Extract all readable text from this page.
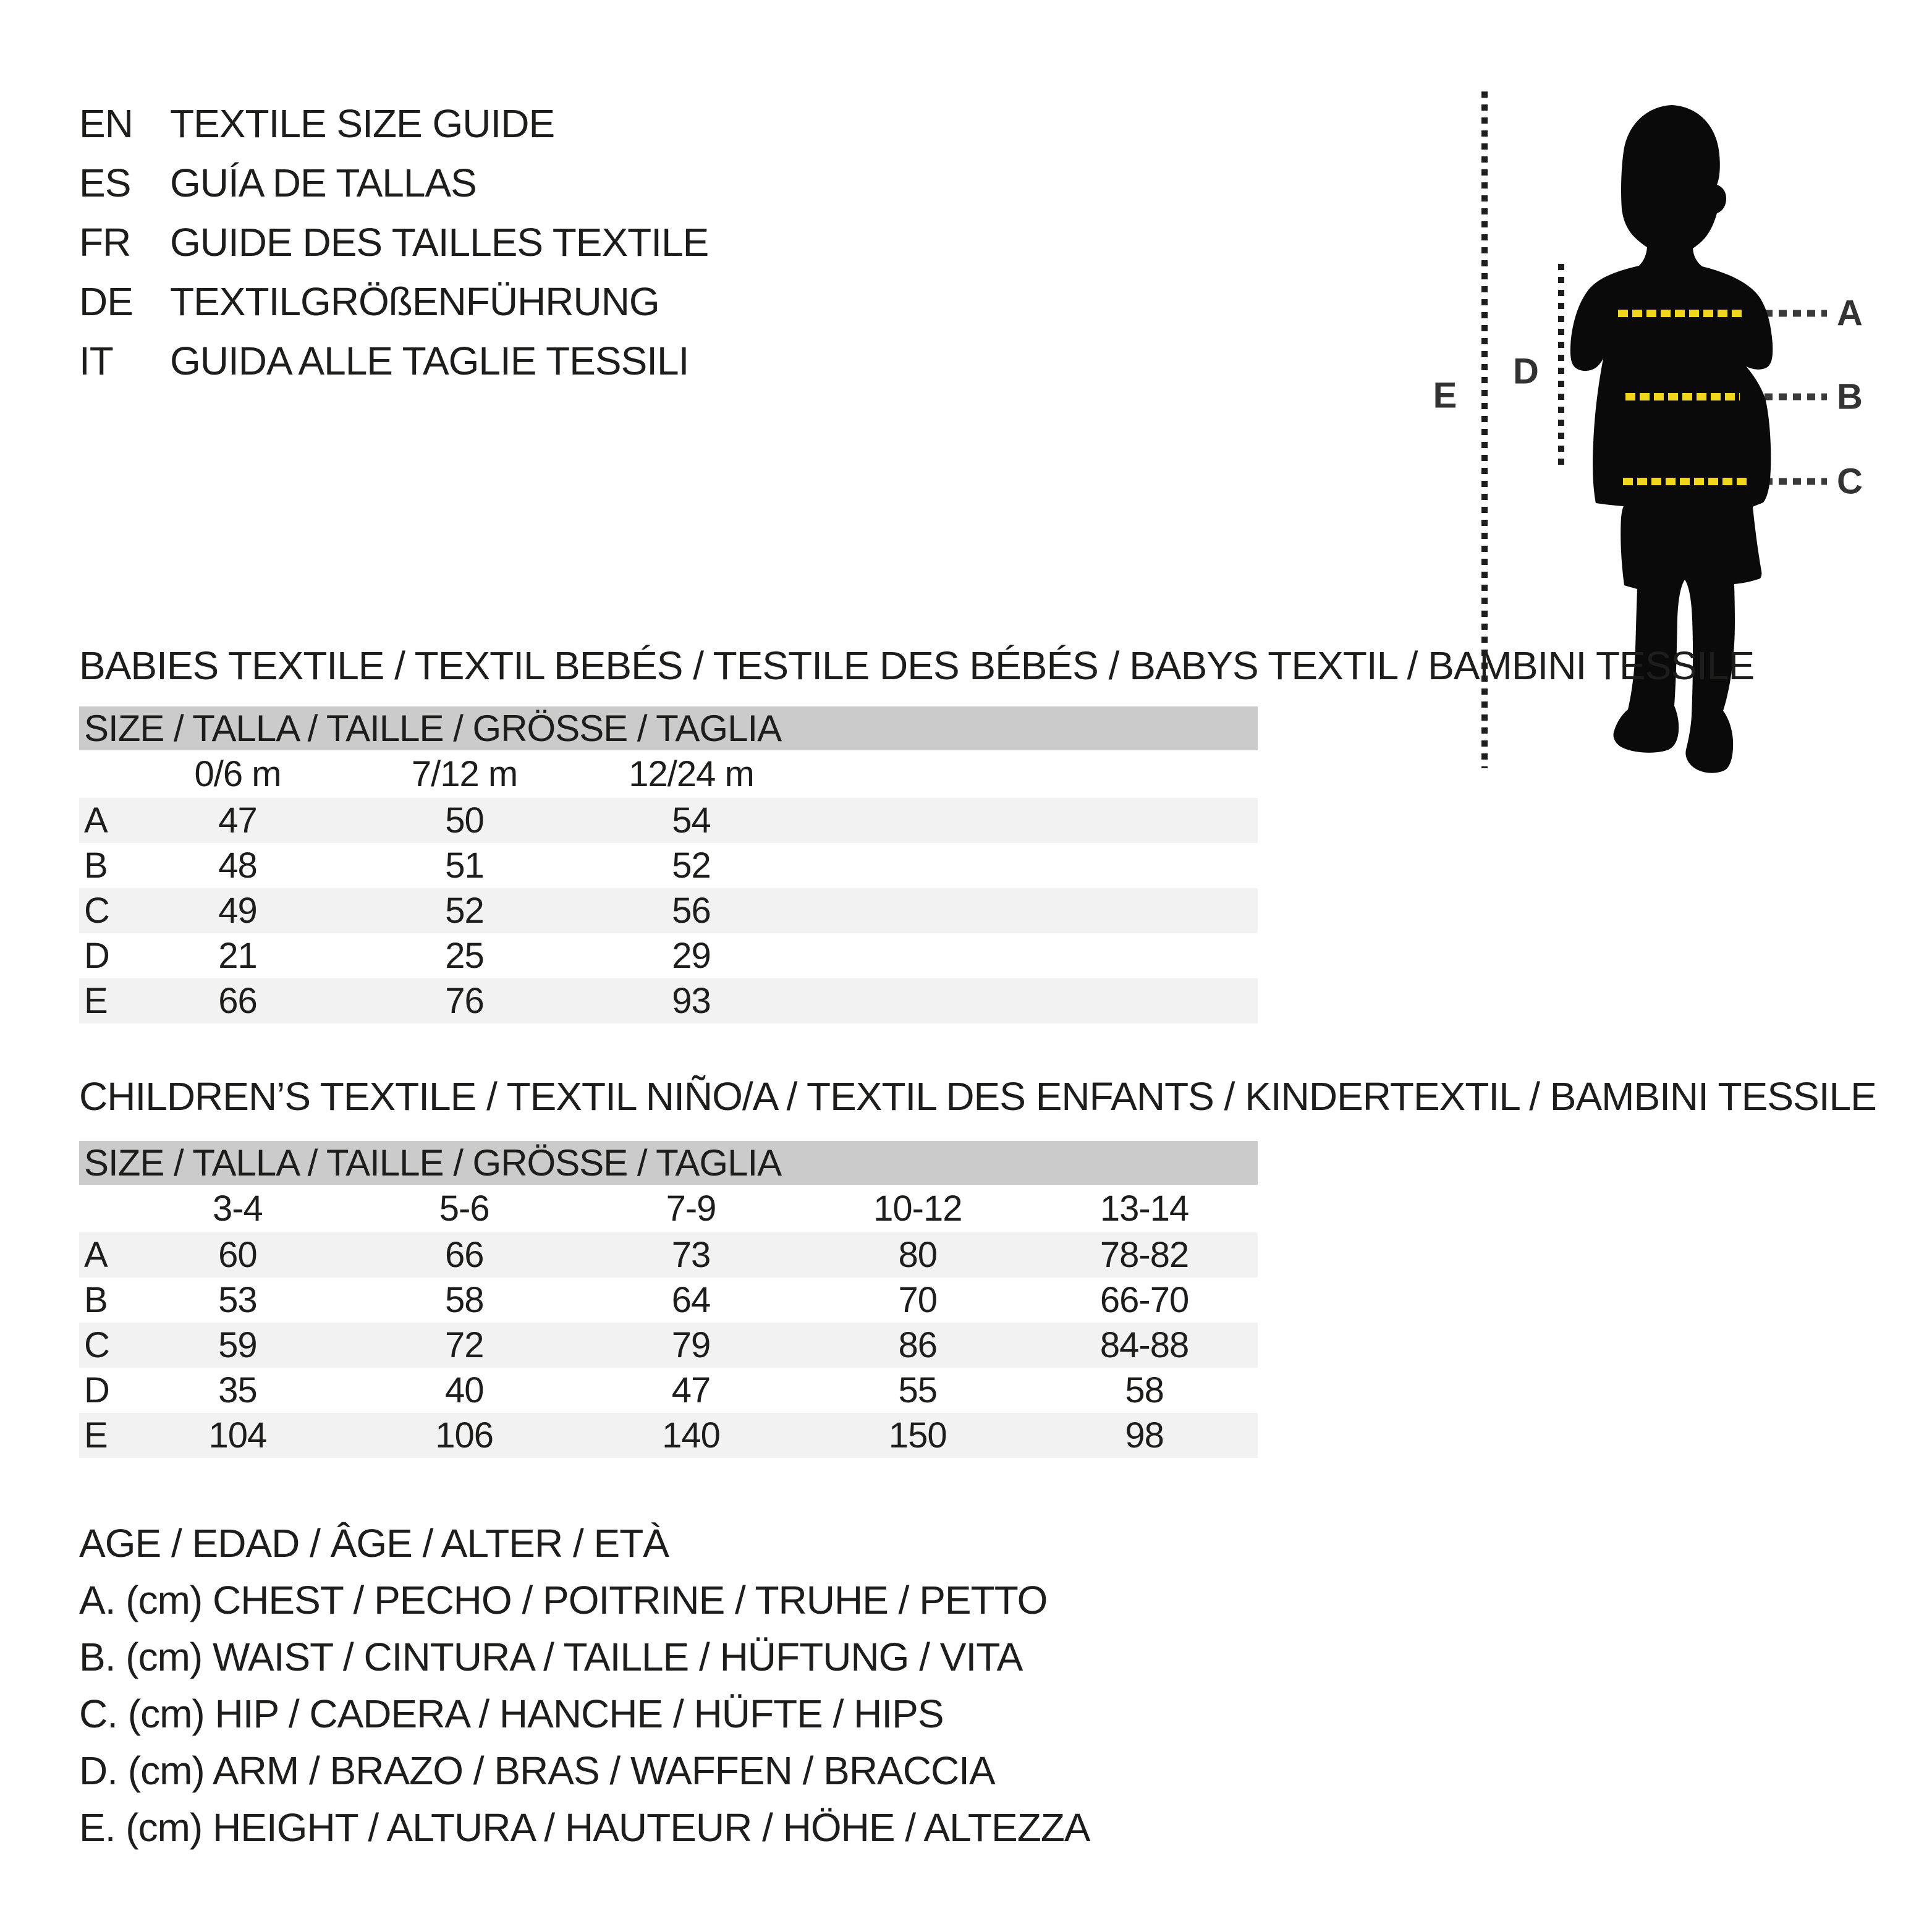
EN TEXTILE SIZE GUIDE
ES GUÍA DE TALLAS
FR GUIDE DES TAILLES TEXTILE
DE TEXTILGRÖßENFÜHRUNG
IT	GUIDA ALLE TAGLIE TESSILI
A
B
C
D
E
BABIES TEXTILE / TEXTIL BEBÉS / TESTILE DES BÉBÉS / BABYS TEXTIL / BAMBINI TESSILE
SIZE / TALLA / TAILLE / GRÖSSE / TAGLIA				
	0/6 m	7/12 m	12/24 m	
A	47	50	54	
B	48	51	52	
C	49	52	56	
D	21	25	29	
E	66	76	93	
CHILDREN’S TEXTILE / TEXTIL NIÑO/A / TEXTIL DES ENFANTS / KINDERTEXTIL / BAMBINI TESSILE
SIZE / TALLA / TAILLE / GRÖSSE / TAGLIA					
	3-4	5-6	7-9	10-12	13-14
A	60	66	73	80	78-82
B	53	58	64	70	66-70
C	59	72	79	86	84-88
D	35	40	47	55	58
E	104	106	140	150	98
AGE / EDAD / ÂGE / ALTER / ETÀ
A. (cm) CHEST / PECHO / POITRINE / TRUHE / PETTO
B. (cm) WAIST / CINTURA / TAILLE / HÜFTUNG / VITA
C. (cm) HIP / CADERA / HANCHE / HÜFTE / HIPS
D. (cm) ARM / BRAZO / BRAS / WAFFEN / BRACCIA
E. (cm) HEIGHT / ALTURA / HAUTEUR / HÖHE / ALTEZZA
